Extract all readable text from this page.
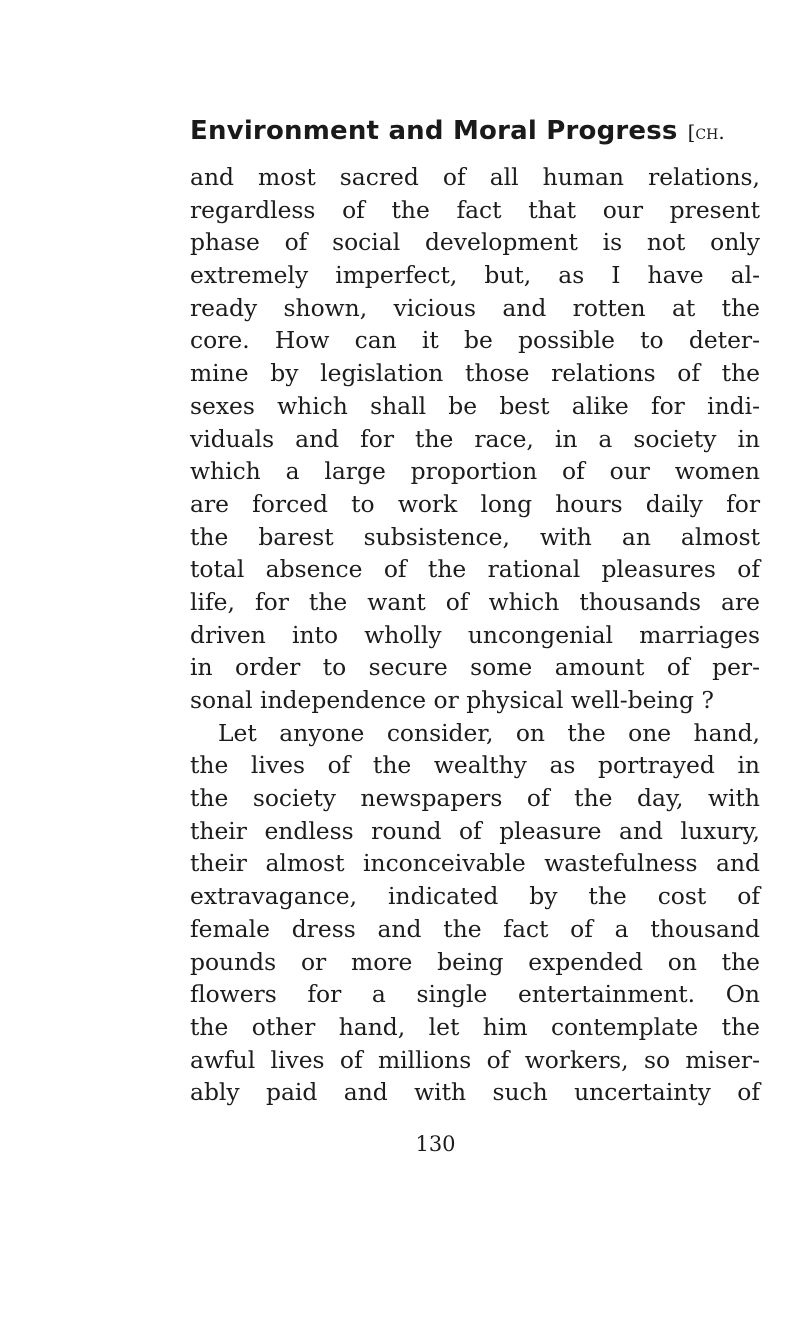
Environment and Moral Progress [ch.
and most sacred of all human relations,
regardless of the fact that our present
phase of social development is not only
extremely imperfect, but, as I have al-
ready shown, vicious and rotten at the
core. How can it be possible to deter-
mine by legislation those relations of the
sexes which shall be best alike for indi-
viduals and for the race, in a society in
which a large proportion of our women
are forced to work long hours daily for
the barest subsistence, with an almost
total absence of the rational pleasures of
life, for the want of which thousands are
driven into wholly uncongenial marriages
in order to secure some amount of per-
sonal independence or physical well-being ?
Let anyone consider, on the one hand,
the lives of the wealthy as portrayed in
the society newspapers of the day, with
their endless round of pleasure and luxury,
their almost inconceivable wastefulness and
extravagance, indicated by the cost of
female dress and the fact of a thousand
pounds or more being expended on the
flowers for a single entertainment. On
the other hand, let him contemplate the
awful lives of millions of workers, so miser-
ably paid and with such uncertainty of
130
